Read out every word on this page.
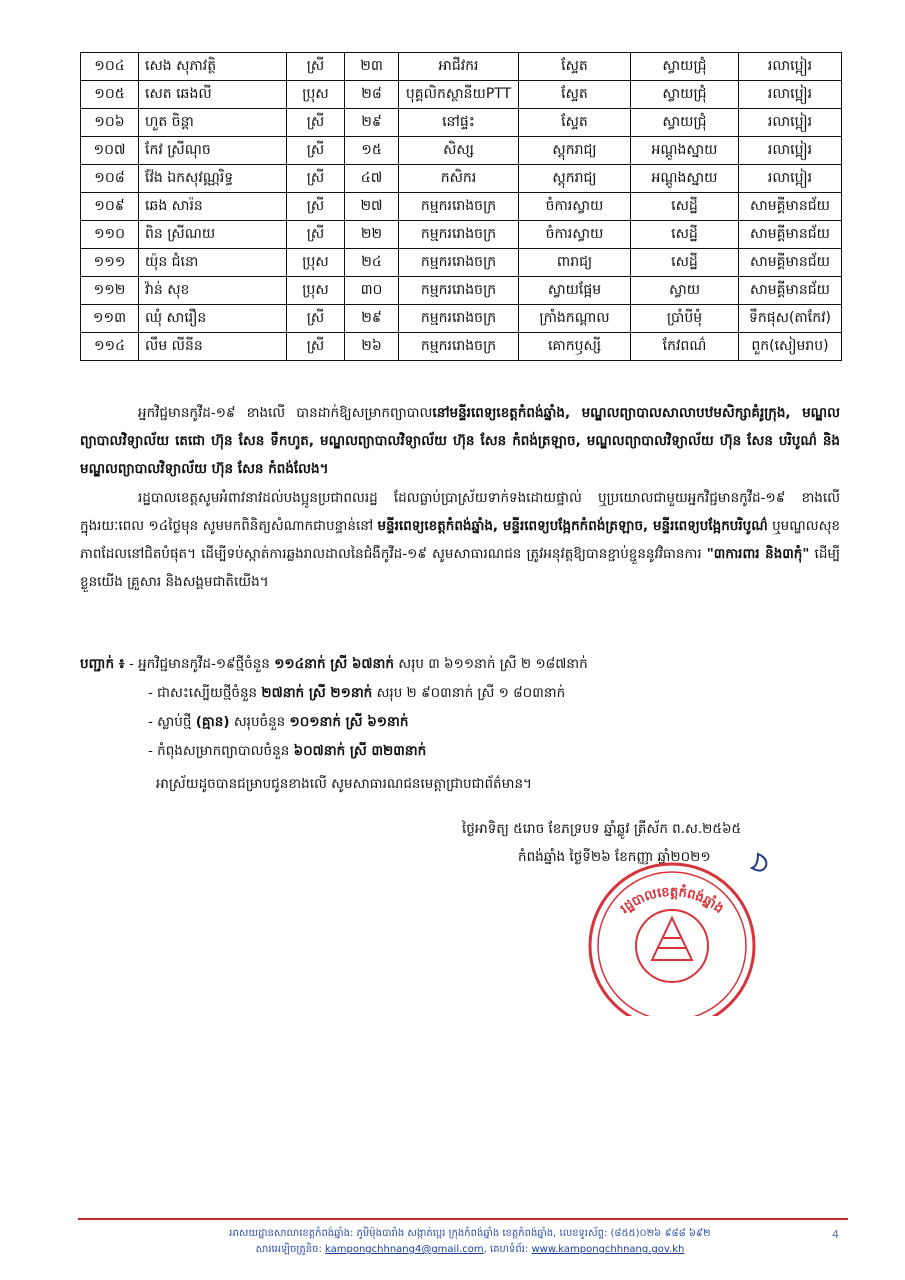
១០៤	សេង សុភាវត្ថិ	ស្រី	២៣	អាជីវករ	ស្ទែត	ស្វាយជ្រុំ	រលាប្អៀរ
១០៥	សេត ឆេងលី	ប្រុស	២៨	បុគ្គលិកស្ថានីយPTT	ស្ទែត	ស្វាយជ្រុំ	រលាប្អៀរ
១០៦	ហួត ចិន្តា	ស្រី	២៩	នៅផ្ទះ	ស្ទែត	ស្វាយជ្រុំ	រលាប្អៀរ
១០៧	កែវ ស្រីណុច	ស្រី	១៥	សិស្ស	ស្តុករាជ្យ	អណ្តូងស្នាយ	រលាប្អៀរ
១០៨	វ៉ែង ឯកសុវណ្ណរិទ្ធ	ស្រី	៤៧	កសិករ	ស្តុករាជ្យ	អណ្តូងស្នាយ	រលាប្អៀរ
១០៩	ឆេង សារ៉ន	ស្រី	២៧	កម្មកររោងចក្រ	ចំការស្វាយ	សេដ្ឋី	សាមគ្គីមានជ័យ
១១០	ពិន ស្រីណយ	ស្រី	២២	កម្មកររោងចក្រ	ចំការស្វាយ	សេដ្ឋី	សាមគ្គីមានជ័យ
១១១	យ៉ុន ជំនោ	ប្រុស	២៤	កម្មកររោងចក្រ	ពារាជ្យ	សេដ្ឋី	សាមគ្គីមានជ័យ
១១២	វ៉ាន់ សុខ	ប្រុស	៣០	កម្មកររោងចក្រ	ស្វាយផ្អែម	ស្វាយ	សាមគ្គីមានជ័យ
១១៣	ឈុំ សារឿន	ស្រី	២៩	កម្មកររោងចក្រ	ក្រាំងកណ្តាល	ប្រាំបីមុំ	ទឹកផុស(តាកែវ)
១១៤	លឹម លីនីន	ស្រី	២៦	កម្មកររោងចក្រ	គោកឫស្សី	កែវពណ៌	ពួក(សៀមរាប)
អ្នកវិជ្ជមានកូវីដ-១៩ ខាងលើ បានដាក់ឱ្យសម្រាកព្យាបាលនៅមន្ទីរពេទ្យខេត្តកំពង់ឆ្នាំង, មណ្ឌលព្យាបាលសាលាបឋមសិក្សាគំរូក្រុង, មណ្ឌលព្យាបាលវិទ្យាល័យ តេជោ ហ៊ុន សែន ទឹកហូត, មណ្ឌលព្យាបាលវិទ្យាល័យ ហ៊ុន សែន កំពង់ត្រឡាច, មណ្ឌលព្យាបាលវិទ្យាល័យ ហ៊ុន សែន បរិបូណ៌ និងមណ្ឌលព្យាបាលវិទ្យាល័យ ហ៊ុន សែន កំពង់លែង។
រដ្ឋបាលខេត្តសូមអំពាវនាវដល់បងប្អូនប្រជាពលរដ្ឋ ដែលធ្លាប់ប្រាស្រ័យទាក់ទងដោយផ្ទាល់ ឬប្រយោលជាមួយអ្នកវិជ្ជមានកូវីដ-១៩ ខាងលើ ក្នុងរយៈពេល ១៤ថ្ងៃមុន សូមមកពិនិត្យសំណាកជាបន្ទាន់នៅ មន្ទីរពេទ្យខេត្តកំពង់ឆ្នាំង, មន្ទីរពេទ្យបង្អែកកំពង់ត្រឡាច, មន្ទីរពេទ្យបង្អែកបរិបូណ៌ ឬមណ្ឌលសុខភាពដែលនៅជិតបំផុត។ ដើម្បីទប់ស្កាត់ការឆ្លងរាលដាលនៃជំងឺកូវីដ-១៩ សូមសាធារណជន ត្រូវអនុវត្តឱ្យបានខ្ជាប់ខ្ជួននូវវិធានការ "៣ការពារ និង៣កុំ" ដើម្បីខ្លួនយើង គ្រួសារ និងសង្គមជាតិយើង។
បញ្ជាក់ ៖ - អ្នកវិជ្ជមានកូវីដ-១៩ថ្មីចំនួន ១១៤នាក់ ស្រី ៦៧នាក់ សរុប ៣ ៦១១នាក់ ស្រី ២ ១៨៧នាក់
- ជាសះស្បើយថ្មីចំនួន ២៧នាក់ ស្រី ២១នាក់ សរុប ២ ៩០៣នាក់ ស្រី ១ ៨០៣នាក់
- ស្លាប់ថ្មី (គ្មាន) សរុបចំនួន ១០១នាក់ ស្រី ៦១នាក់
- កំពុងសម្រាកព្យាបាលចំនួន ៦០៧នាក់ ស្រី ៣២៣នាក់
អាស្រ័យដូចបានជម្រាបជូនខាងលើ សូមសាធារណជនមេត្តាជ្រាបជាព័ត៌មាន។
ថ្ងៃអាទិត្យ ៥រោច ខែភទ្របទ ឆ្នាំឆ្លូវ ត្រីស័ក ព.ស.២៥៦៥
កំពង់ឆ្នាំង ថ្ងៃទី២៦ ខែកញ្ញា ឆ្នាំ២០២១
រដ្ឋបាលខេត្តកំពង់ឆ្នាំង
អាសយដ្ឋានសាលាខេត្តកំពង់ឆ្នាំង: ភូមិម៉ុងបារាំង សង្កាត់ប្អេរ ក្រុងកំពង់ឆ្នាំង ខេត្តកំពង់ឆ្នាំង, លេខទូរស័ព្ទ: (៨៥៥)០២៦ ៩៨៨ ៦៩២
សារអេឡិចត្រូនិច: kampongchhnang4@gmail.com, គេហទំព័រ: www.kampongchhnang.gov.kh
4
